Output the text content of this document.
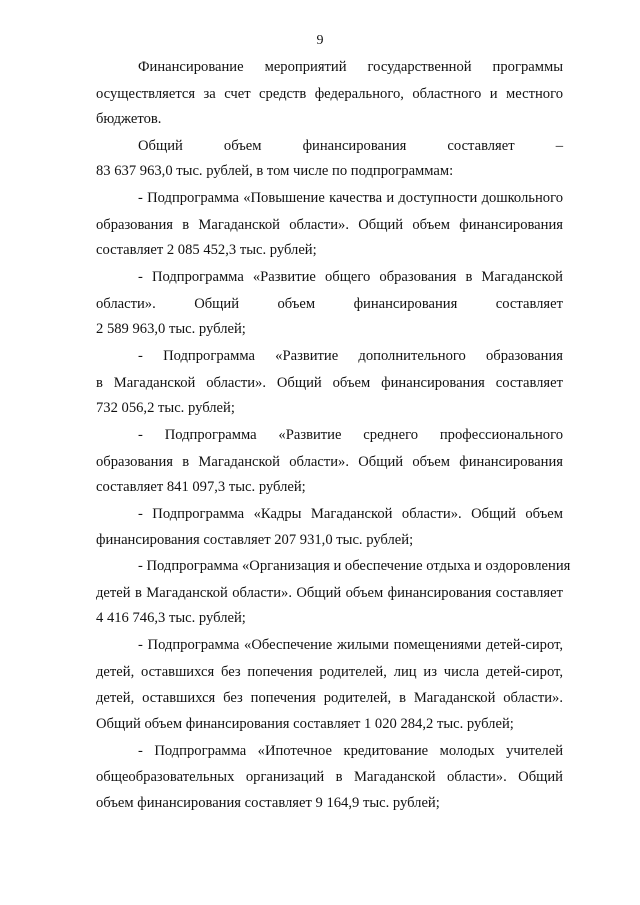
9
Финансирование мероприятий государственной программы
осуществляется за счет средств федерального, областного и местного
бюджетов.
Общий объем финансирования составляет –
83 637 963,0 тыс. рублей, в том числе по подпрограммам:
- Подпрограмма «Повышение качества и доступности дошкольного
образования в Магаданской области». Общий объем финансирования
составляет 2 085 452,3 тыс. рублей;
- Подпрограмма «Развитие общего образования в Магаданской
области». Общий объем финансирования составляет
2 589 963,0 тыс. рублей;
- Подпрограмма «Развитие дополнительного образования
в Магаданской области». Общий объем финансирования составляет
732 056,2 тыс. рублей;
- Подпрограмма «Развитие среднего профессионального
образования в Магаданской области». Общий объем финансирования
составляет 841 097,3 тыс. рублей;
- Подпрограмма «Кадры Магаданской области». Общий объем
финансирования составляет 207 931,0 тыс. рублей;
- Подпрограмма «Организация и обеспечение отдыха и оздоровления
детей в Магаданской области». Общий объем финансирования составляет
4 416 746,3 тыс. рублей;
- Подпрограмма «Обеспечение жилыми помещениями детей-сирот,
детей, оставшихся без попечения родителей, лиц из числа детей-сирот,
детей, оставшихся без попечения родителей, в Магаданской области».
Общий объем финансирования составляет 1 020 284,2 тыс. рублей;
- Подпрограмма «Ипотечное кредитование молодых учителей
общеобразовательных организаций в Магаданской области». Общий
объем финансирования составляет 9 164,9 тыс. рублей;
